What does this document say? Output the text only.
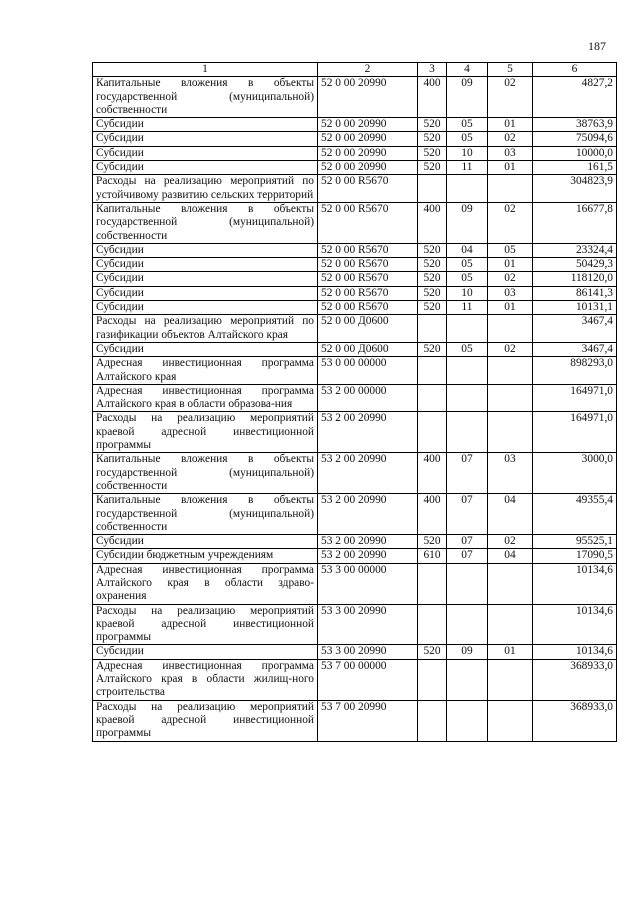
187
1	2	3	4	5	6
Капитальные вложения в объекты государственной (муниципальной) собственности	52 0 00 20990	400	09	02	4827,2
Субсидии	52 0 00 20990	520	05	01	38763,9
Субсидии	52 0 00 20990	520	05	02	75094,6
Субсидии	52 0 00 20990	520	10	03	10000,0
Субсидии	52 0 00 20990	520	11	01	161,5
Расходы на реализацию мероприятий по устойчивому развитию сельских территорий	52 0 00 R5670				304823,9
Капитальные вложения в объекты государственной (муниципальной) собственности	52 0 00 R5670	400	09	02	16677,8
Субсидии	52 0 00 R5670	520	04	05	23324,4
Субсидии	52 0 00 R5670	520	05	01	50429,3
Субсидии	52 0 00 R5670	520	05	02	118120,0
Субсидии	52 0 00 R5670	520	10	03	86141,3
Субсидии	52 0 00 R5670	520	11	01	10131,1
Расходы на реализацию мероприятий по газификации объектов Алтайского края	52 0 00 Д0600				3467,4
Субсидии	52 0 00 Д0600	520	05	02	3467,4
Адресная инвестиционная программа Алтайского края	53 0 00 00000				898293,0
Адресная инвестиционная программа Алтайского края в области образова-ния	53 2 00 00000				164971,0
Расходы на реализацию мероприятий краевой адресной инвестиционной программы	53 2 00 20990				164971,0
Капитальные вложения в объекты государственной (муниципальной) собственности	53 2 00 20990	400	07	03	3000,0
Капитальные вложения в объекты государственной (муниципальной) собственности	53 2 00 20990	400	07	04	49355,4
Субсидии	53 2 00 20990	520	07	02	95525,1
Субсидии бюджетным учреждениям	53 2 00 20990	610	07	04	17090,5
Адресная инвестиционная программа Алтайского края в области здраво-охранения	53 3 00 00000				10134,6
Расходы на реализацию мероприятий краевой адресной инвестиционной программы	53 3 00 20990				10134,6
Субсидии	53 3 00 20990	520	09	01	10134,6
Адресная инвестиционная программа Алтайского края в области жилищ-ного строительства	53 7 00 00000				368933,0
Расходы на реализацию мероприятий краевой адресной инвестиционной программы	53 7 00 20990				368933,0
